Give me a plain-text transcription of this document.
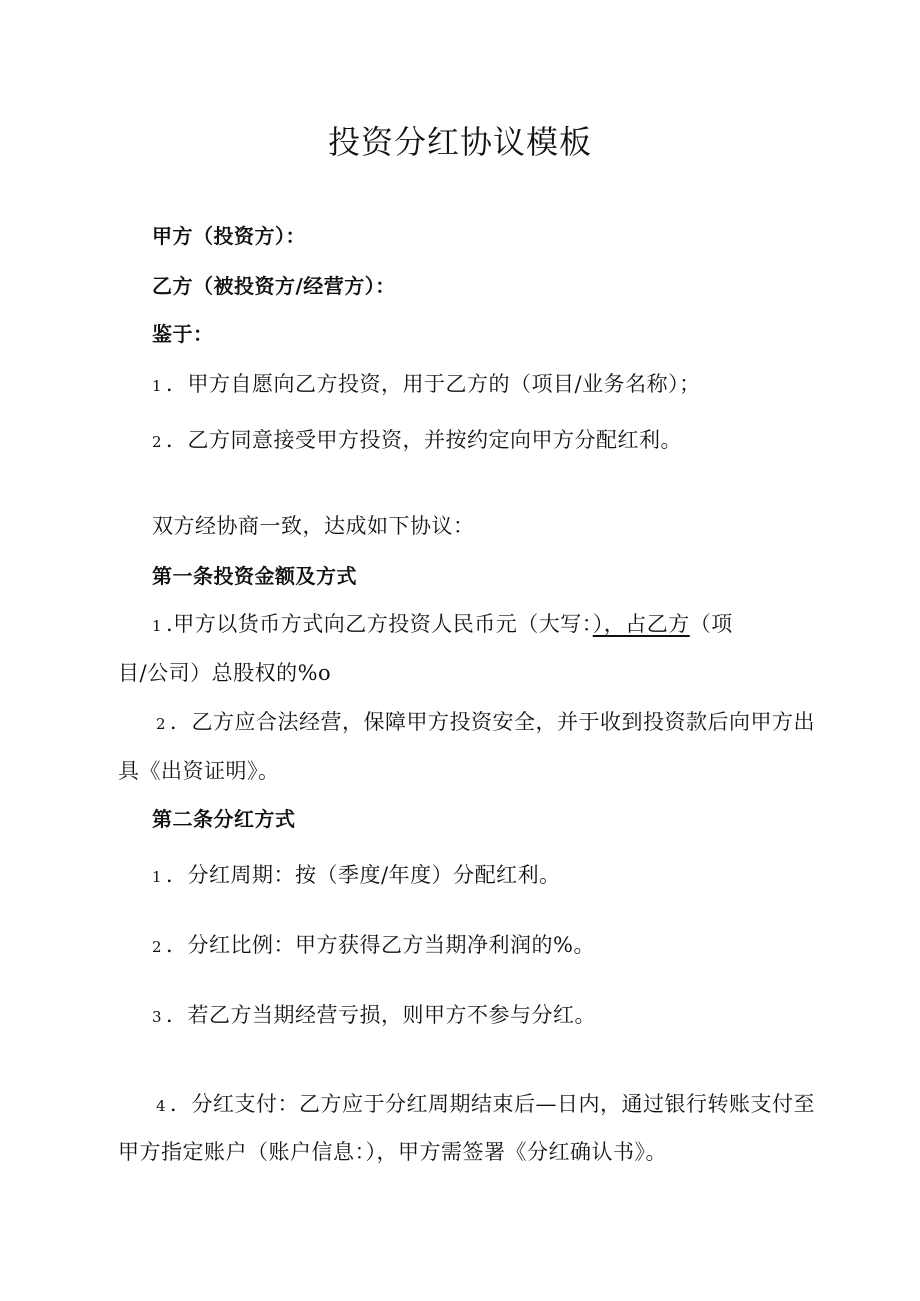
投资分红协议模板
甲方（投资方）：
乙方（被投资方/经营方）：
鉴于：
1 ．甲方自愿向乙方投资，用于乙方的（项目/业务名称）；
2 ．乙方同意接受甲方投资，并按约定向甲方分配红利。
双方经协商一致，达成如下协议：
第一条投资金额及方式
1 .甲方以货币方式向乙方投资人民币元（大写：），占乙方（项
目/公司）总股权的%o
2 ．乙方应合法经营，保障甲方投资安全，并于收到投资款后向甲方出
具《出资证明》。
第二条分红方式
1 ．分红周期：按（季度/年度）分配红利。
2 ．分红比例：甲方获得乙方当期净利润的%。
3 ．若乙方当期经营亏损，则甲方不参与分红。
4 ．分红支付：乙方应于分红周期结束后—日内，通过银行转账支付至
甲方指定账户（账户信息：），甲方需签署《分红确认书》。
